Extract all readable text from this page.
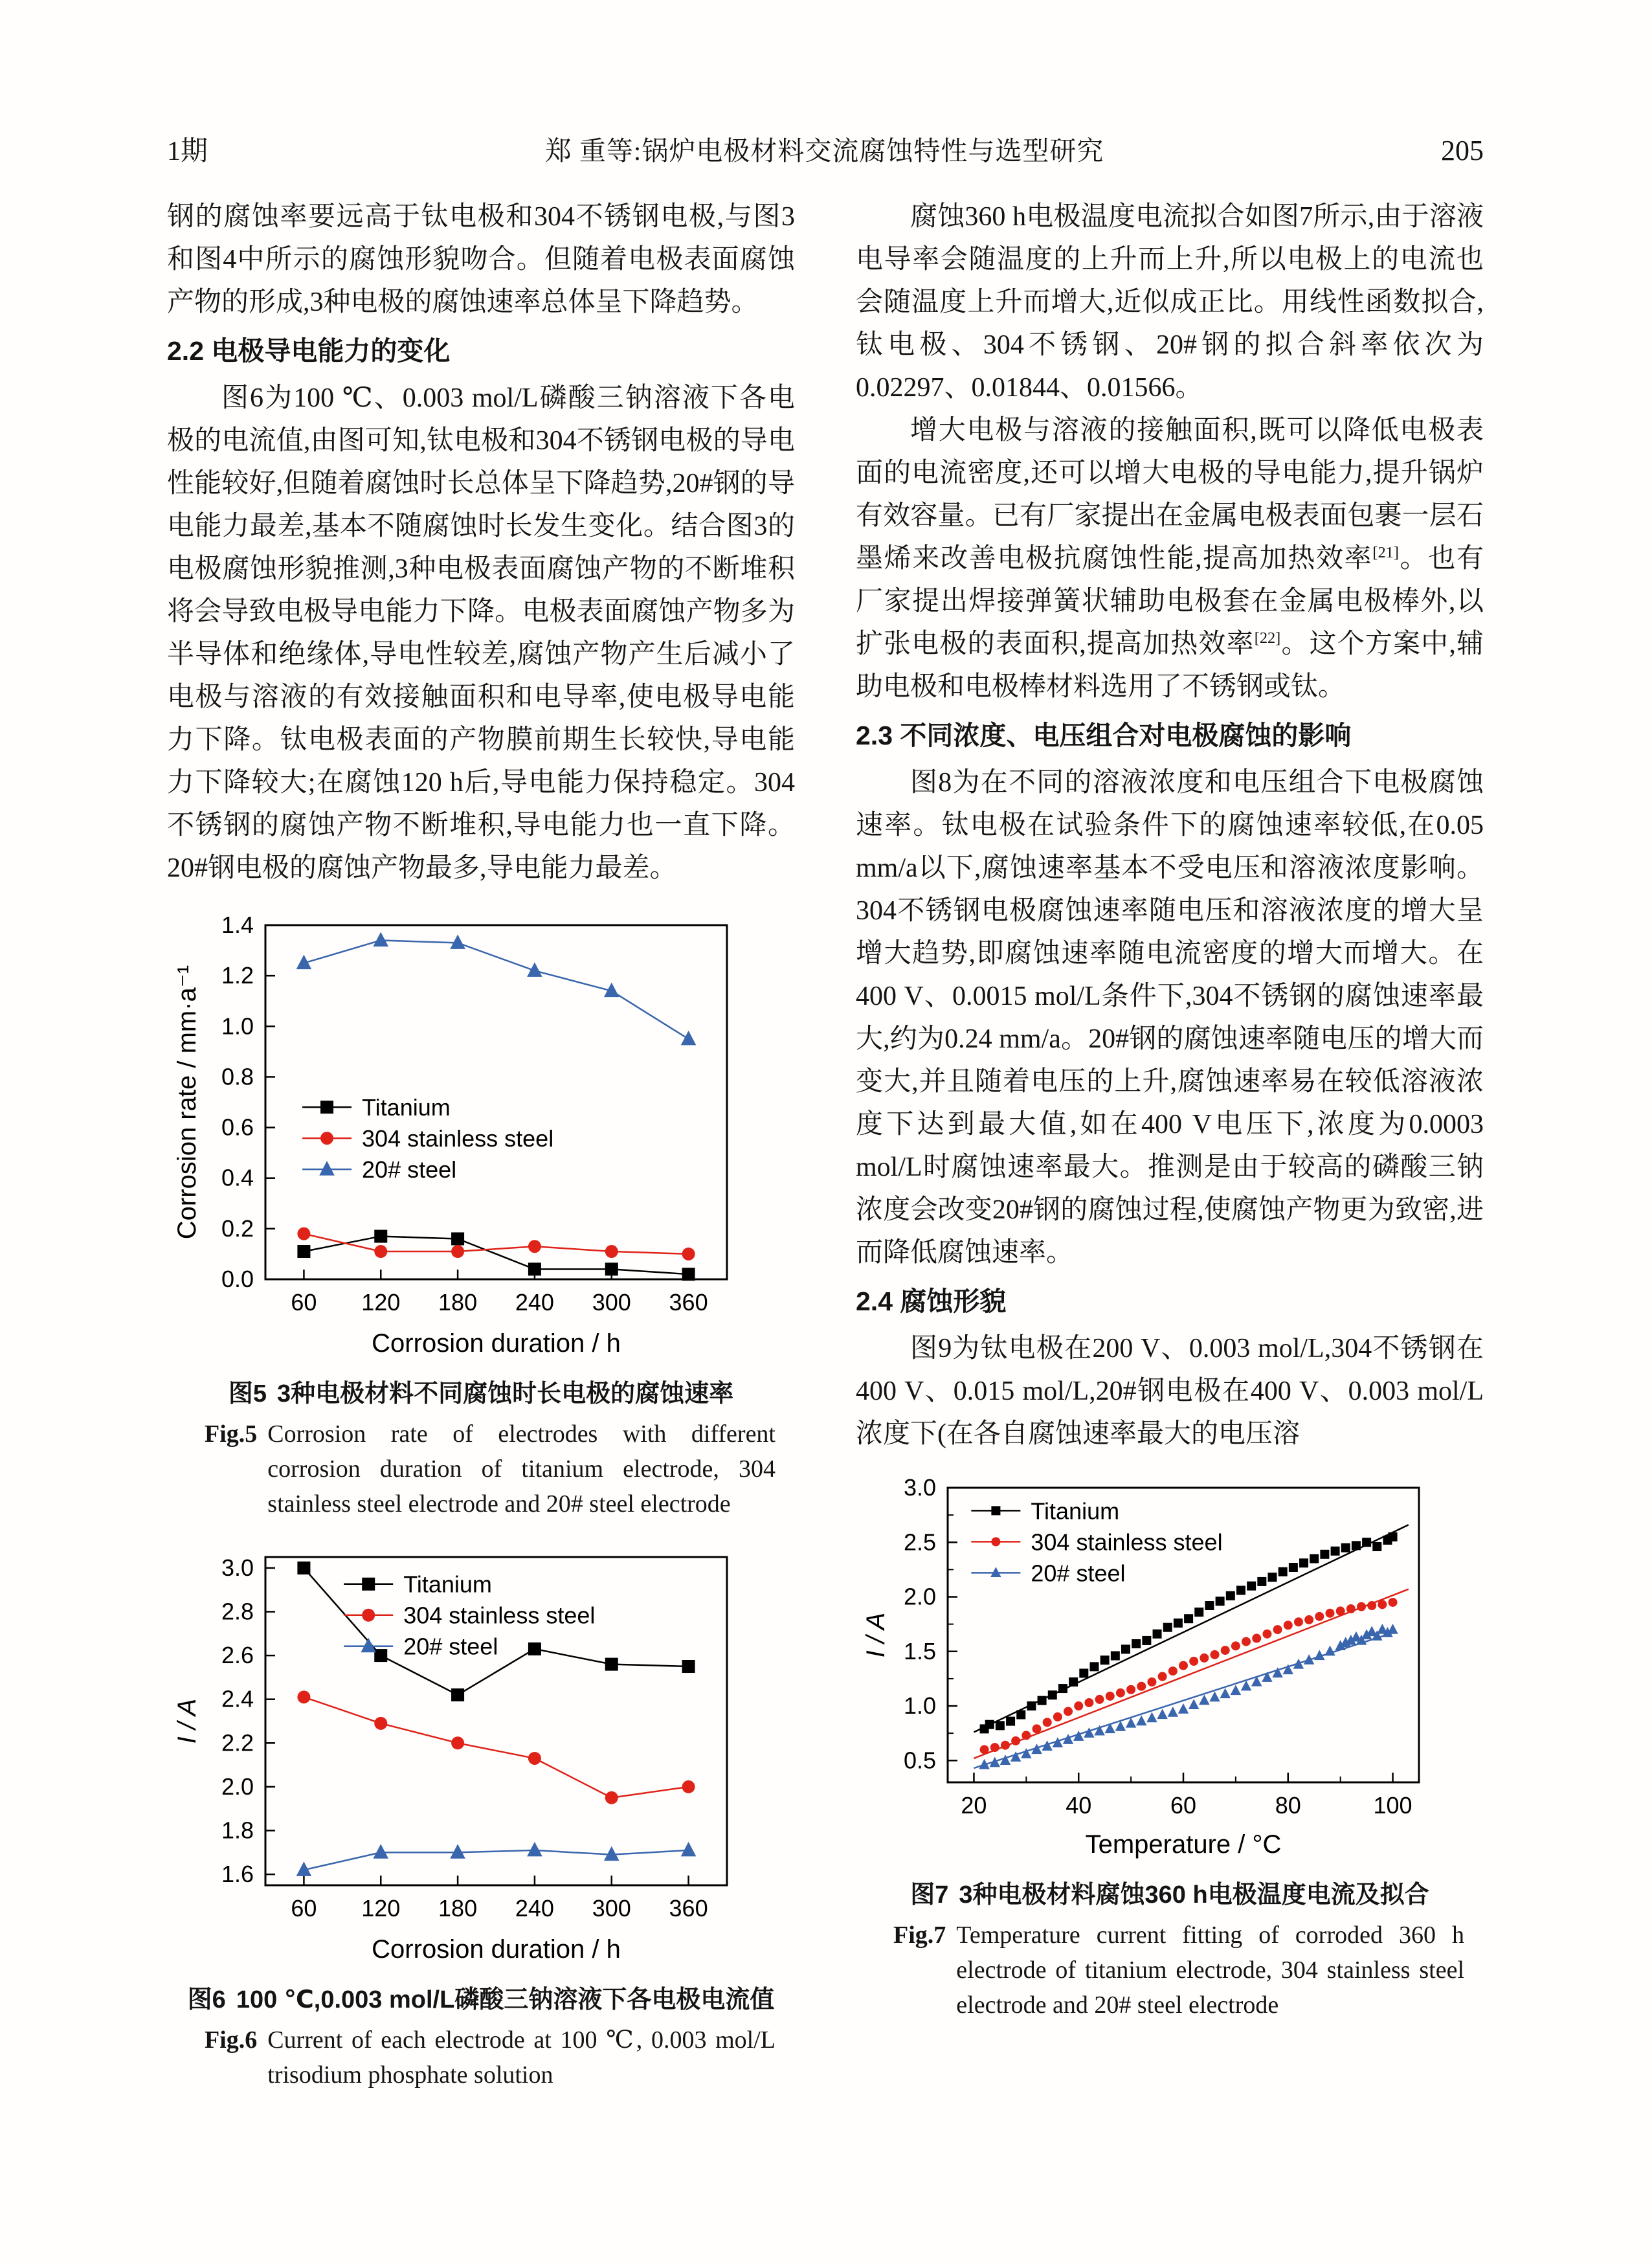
1期	郑 重等:锅炉电极材料交流腐蚀特性与选型研究	205

钢的腐蚀率要远高于钛电极和304不锈钢电极,与图3和图4中所示的腐蚀形貌吻合。但随着电极表面腐蚀产物的形成,3种电极的腐蚀速率总体呈下降趋势。

2.2 电极导电能力的变化

图6为100 ℃、0.003 mol/L磷酸三钠溶液下各电极的电流值,由图可知,钛电极和304不锈钢电极的导电性能较好,但随着腐蚀时长总体呈下降趋势,20#钢的导电能力最差,基本不随腐蚀时长发生变化。结合图3的电极腐蚀形貌推测,3种电极表面腐蚀产物的不断堆积将会导致电极导电能力下降。电极表面腐蚀产物多为半导体和绝缘体,导电性较差,腐蚀产物产生后减小了电极与溶液的有效接触面积和电导率,使电极导电能力下降。钛电极表面的产物膜前期生长较快,导电能力下降较大;在腐蚀120 h后,导电能力保持稳定。304不锈钢的腐蚀产物不断堆积,导电能力也一直下降。20#钢电极的腐蚀产物最多,导电能力最差。

60 120 180 240 300 360
0.0
0.2
0.4
0.6
0.8
1.0
1.2
1.4
Titanium
304 stainless steel
20# steel
Corrosion duration / h
Corrosion rate / mm·a⁻¹
图5 3种电极材料不同腐蚀时长电极的腐蚀速率
Fig.5 Corrosion rate of electrodes with different corrosion duration of titanium electrode, 304 stainless steel electrode and 20# steel electrode
60 120 180 240 300 360
1.6
1.8
2.0
2.2
2.4
2.6
2.8
3.0
Titanium
304 stainless steel
20# steel
Corrosion duration / h
I / A
图6 100 ℃,0.003 mol/L磷酸三钠溶液下各电极电流值
Fig.6 Current of each electrode at 100 ℃, 0.003 mol/L trisodium phosphate solution

腐蚀360 h电极温度电流拟合如图7所示,由于溶液电导率会随温度的上升而上升,所以电极上的电流也会随温度上升而增大,近似成正比。用线性函数拟合,钛电极、304不锈钢、20#钢的拟合斜率依次为0.02297、0.01844、0.01566。

增大电极与溶液的接触面积,既可以降低电极表面的电流密度,还可以增大电极的导电能力,提升锅炉有效容量。已有厂家提出在金属电极表面包裹一层石墨烯来改善电极抗腐蚀性能,提高加热效率[21]。也有厂家提出焊接弹簧状辅助电极套在金属电极棒外,以扩张电极的表面积,提高加热效率[22]。这个方案中,辅助电极和电极棒材料选用了不锈钢或钛。

2.3 不同浓度、电压组合对电极腐蚀的影响

图8为在不同的溶液浓度和电压组合下电极腐蚀速率。钛电极在试验条件下的腐蚀速率较低,在0.05 mm/a以下,腐蚀速率基本不受电压和溶液浓度影响。304不锈钢电极腐蚀速率随电压和溶液浓度的增大呈增大趋势,即腐蚀速率随电流密度的增大而增大。在400 V、0.0015 mol/L条件下,304不锈钢的腐蚀速率最大,约为0.24 mm/a。20#钢的腐蚀速率随电压的增大而变大,并且随着电压的上升,腐蚀速率易在较低溶液浓度下达到最大值,如在400 V电压下,浓度为0.0003 mol/L时腐蚀速率最大。推测是由于较高的磷酸三钠浓度会改变20#钢的腐蚀过程,使腐蚀产物更为致密,进而降低腐蚀速率。

2.4 腐蚀形貌

图9为钛电极在200 V、0.003 mol/L,304不锈钢在400 V、0.015 mol/L,20#钢电极在400 V、0.003 mol/L浓度下(在各自腐蚀速率最大的电压溶

20	40	60	80	100
0.5
1.0
1.5
2.0
2.5
3.0
Titanium
304 stainless steel
20# steel
Temperature / °C
I / A
图7 3种电极材料腐蚀360 h电极温度电流及拟合
Fig.7 Temperature current fitting of corroded 360 h electrode of titanium electrode, 304 stainless steel electrode and 20# steel electrode
